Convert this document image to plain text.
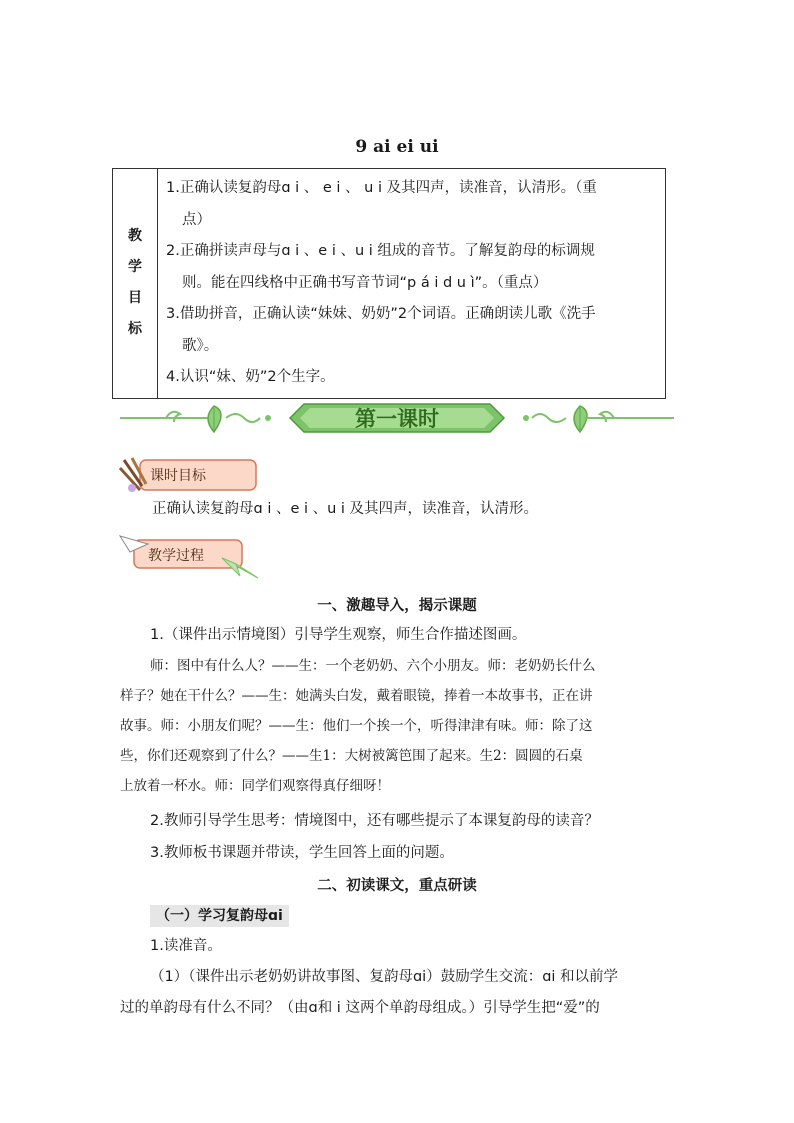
9 ai ei ui
教
学
目
标

1.正确认读复韵母ɑ i 、 e i 、 u i 及其四声，读准音，认清形。（重
点）
2.正确拼读声母与ɑ i 、e i 、u i 组成的音节。了解复韵母的标调规
则。能在四线格中正确书写音节词“p á i d u ì”。（重点）
3.借助拼音，正确认读“妹妹、奶奶”2个词语。正确朗读儿歌《洗手
歌》。
4.认识“妹、奶”2个生字。
第一课时
课时目标
正确认读复韵母ɑ i 、e i 、u i 及其四声，读准音，认清形。
教学过程
一、激趣导入，揭示课题
1.（课件出示情境图）引导学生观察，师生合作描述图画。
师：图中有什么人？——生：一个老奶奶、六个小朋友。师：老奶奶长什么
样子？她在干什么？——生：她满头白发，戴着眼镜，捧着一本故事书，正在讲
故事。师：小朋友们呢？——生：他们一个挨一个，听得津津有味。师：除了这
些，你们还观察到了什么？——生1：大树被篱笆围了起来。生2：圆圆的石桌
上放着一杯水。师：同学们观察得真仔细呀！
2.教师引导学生思考：情境图中，还有哪些提示了本课复韵母的读音？
3.教师板书课题并带读，学生回答上面的问题。
二、初读课文，重点研读
（一）学习复韵母ɑi
1.读准音。
（1）（课件出示老奶奶讲故事图、复韵母ɑi）鼓励学生交流：ɑi 和以前学
过的单韵母有什么不同？（由ɑ和 i 这两个单韵母组成。）引导学生把“爱”的
